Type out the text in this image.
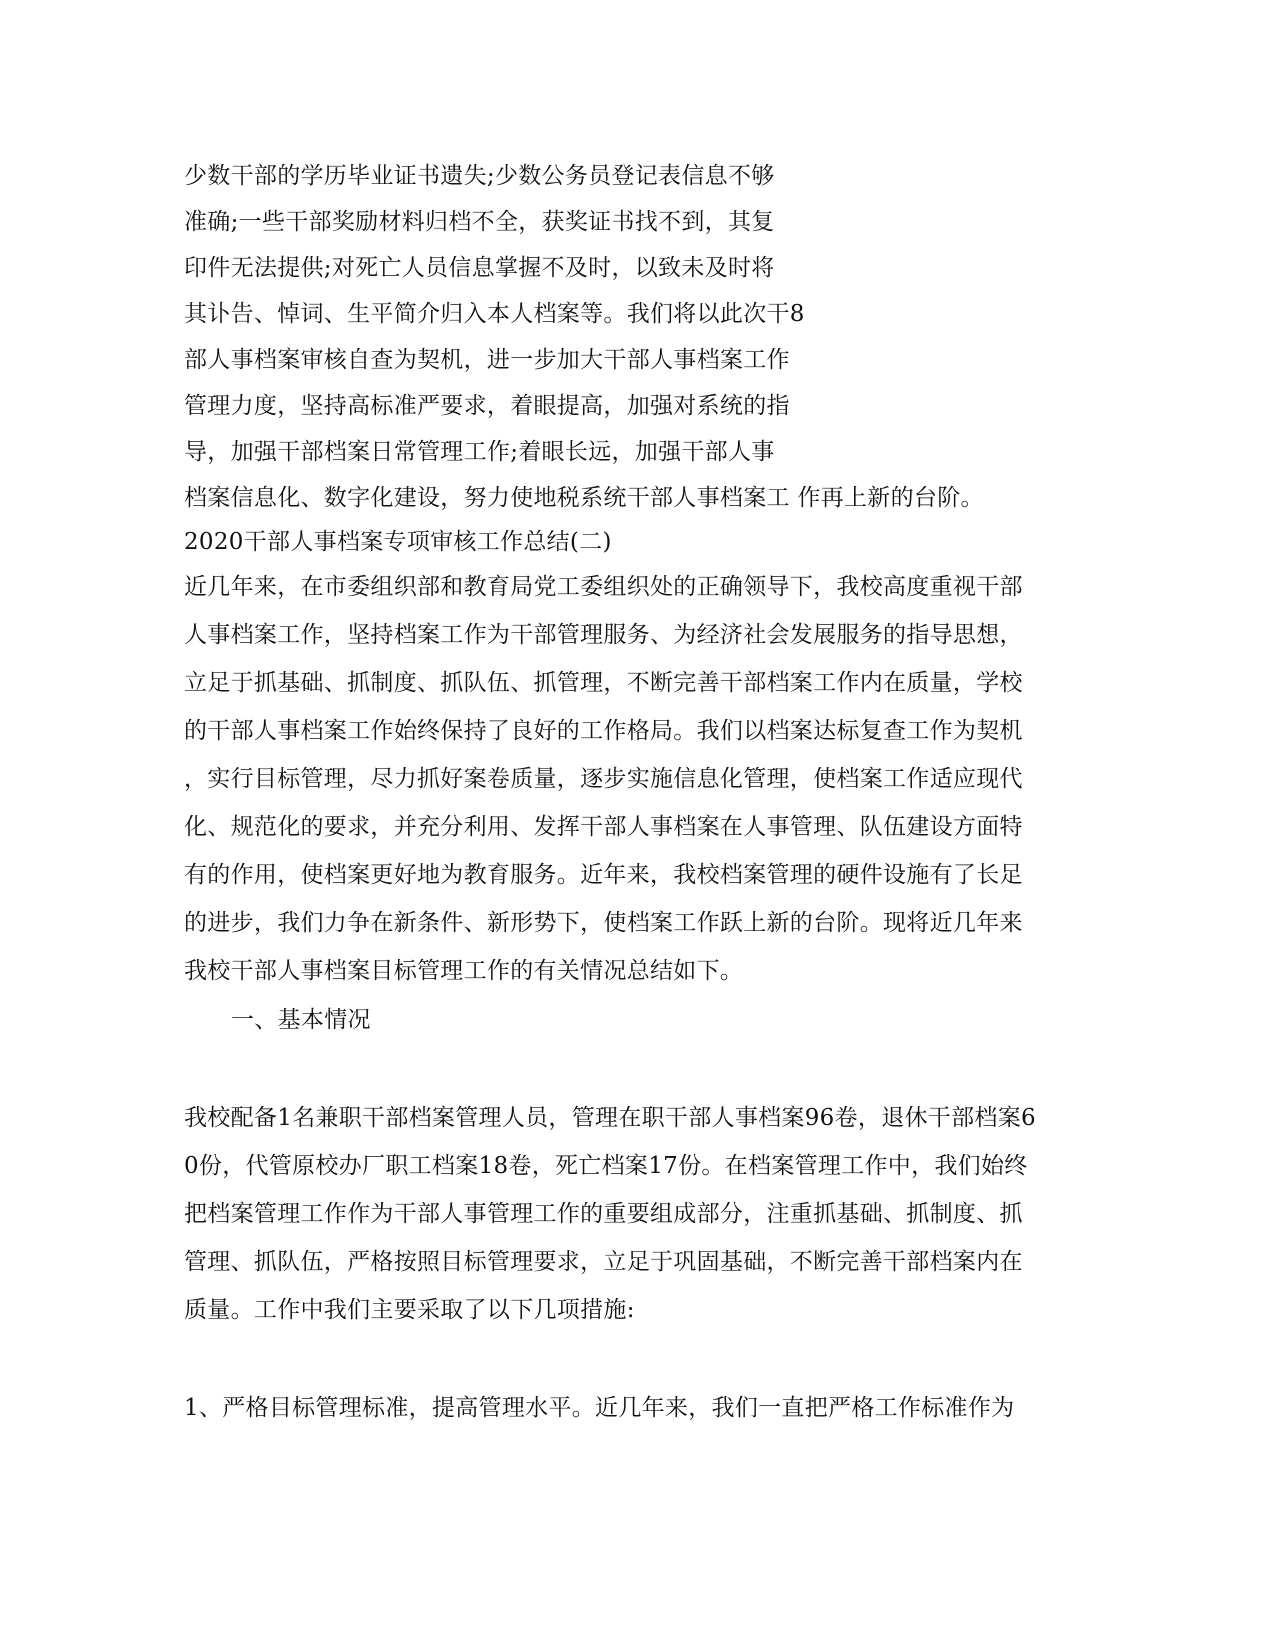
少数干部的学历毕业证书遗失;少数公务员登记表信息不够
准确;一些干部奖励材料归档不全，获奖证书找不到，其复
印件无法提供;对死亡人员信息掌握不及时，以致未及时将
其讣告、悼词、生平简介归入本人档案等。我们将以此次干8
部人事档案审核自查为契机，进一步加大干部人事档案工作
管理力度，坚持高标准严要求，着眼提高，加强对系统的指
导，加强干部档案日常管理工作;着眼长远，加强干部人事
档案信息化、数字化建设，努力使地税系统干部人事档案工 作再上新的台阶。
2020干部人事档案专项审核工作总结(二)
近几年来，在市委组织部和教育局党工委组织处的正确领导下，我校高度重视干部
人事档案工作，坚持档案工作为干部管理服务、为经济社会发展服务的指导思想，
立足于抓基础、抓制度、抓队伍、抓管理，不断完善干部档案工作内在质量，学校
的干部人事档案工作始终保持了良好的工作格局。我们以档案达标复查工作为契机
，实行目标管理，尽力抓好案卷质量，逐步实施信息化管理，使档案工作适应现代
化、规范化的要求，并充分利用、发挥干部人事档案在人事管理、队伍建设方面特
有的作用，使档案更好地为教育服务。近年来，我校档案管理的硬件设施有了长足
的进步，我们力争在新条件、新形势下，使档案工作跃上新的台阶。现将近几年来
我校干部人事档案目标管理工作的有关情况总结如下。
一、基本情况
我校配备1名兼职干部档案管理人员，管理在职干部人事档案96卷，退休干部档案6
0份，代管原校办厂职工档案18卷，死亡档案17份。在档案管理工作中，我们始终
把档案管理工作作为干部人事管理工作的重要组成部分，注重抓基础、抓制度、抓
管理、抓队伍，严格按照目标管理要求，立足于巩固基础，不断完善干部档案内在
质量。工作中我们主要采取了以下几项措施:
1、严格目标管理标准，提高管理水平。近几年来，我们一直把严格工作标准作为
